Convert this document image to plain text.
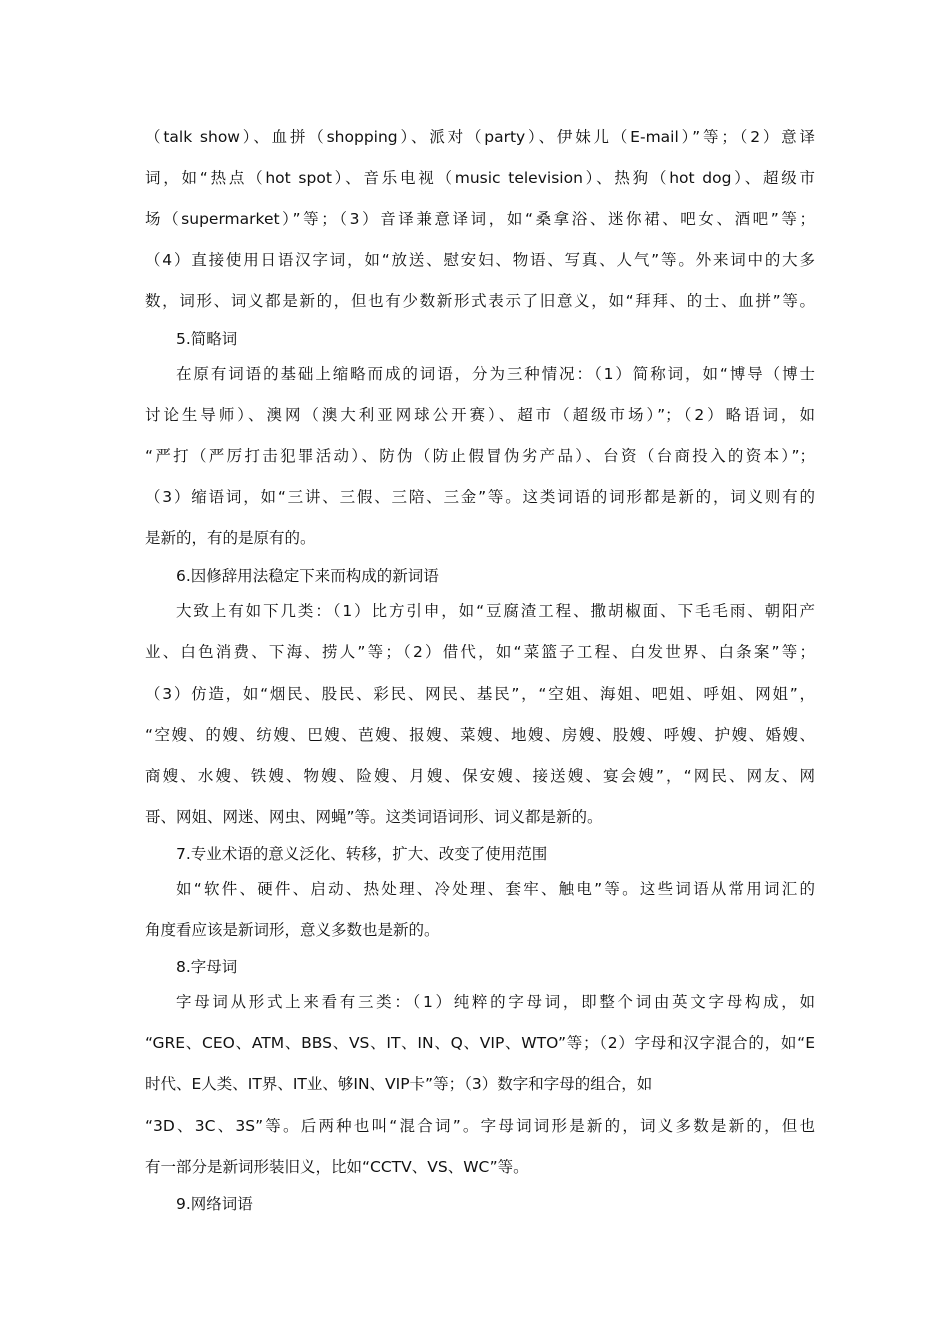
（talk show）、血拼（shopping）、派对（party）、伊妹儿（E-mail）”等；（2）意译
词，如“热点（hot spot）、音乐电视（music television）、热狗（hot dog）、超级市
场（supermarket）”等；（3）音译兼意译词，如“桑拿浴、迷你裙、吧女、酒吧”等；
（4）直接使用日语汉字词，如“放送、慰安妇、物语、写真、人气”等。外来词中的大多
数，词形、词义都是新的，但也有少数新形式表示了旧意义，如“拜拜、的士、血拼”等。
5.简略词
在原有词语的基础上缩略而成的词语，分为三种情况：（1）简称词，如“博导（博士
讨论生导师）、澳网（澳大利亚网球公开赛）、超市（超级市场）”；（2）略语词，如
“严打（严厉打击犯罪活动）、防伪（防止假冒伪劣产品）、台资（台商投入的资本）”；
（3）缩语词，如“三讲、三假、三陪、三金”等。这类词语的词形都是新的，词义则有的
是新的，有的是原有的。
6.因修辞用法稳定下来而构成的新词语
大致上有如下几类：（1）比方引申，如“豆腐渣工程、撒胡椒面、下毛毛雨、朝阳产
业、白色消费、下海、捞人”等；（2）借代，如“菜篮子工程、白发世界、白条案”等；
（3）仿造，如“烟民、股民、彩民、网民、基民”，“空姐、海姐、吧姐、呼姐、网姐”，
“空嫂、的嫂、纺嫂、巴嫂、芭嫂、报嫂、菜嫂、地嫂、房嫂、股嫂、呼嫂、护嫂、婚嫂、
商嫂、水嫂、铁嫂、物嫂、险嫂、月嫂、保安嫂、接送嫂、宴会嫂”，“网民、网友、网
哥、网姐、网迷、网虫、网蝇”等。这类词语词形、词义都是新的。
7.专业术语的意义泛化、转移，扩大、改变了使用范围
如“软件、硬件、启动、热处理、冷处理、套牢、触电”等。这些词语从常用词汇的
角度看应该是新词形，意义多数也是新的。
8.字母词
字母词从形式上来看有三类：（1）纯粹的字母词，即整个词由英文字母构成，如
“GRE、CEO、ATM、BBS、VS、IT、IN、Q、VIP、WTO”等；（2）字母和汉字混合的，如“E
时代、E人类、IT界、IT业、够IN、VIP卡”等；（3）数字和字母的组合，如
“3D、3C、3S”等。后两种也叫“混合词”。字母词词形是新的，词义多数是新的，但也
有一部分是新词形装旧义，比如“CCTV、VS、WC”等。
9.网络词语
